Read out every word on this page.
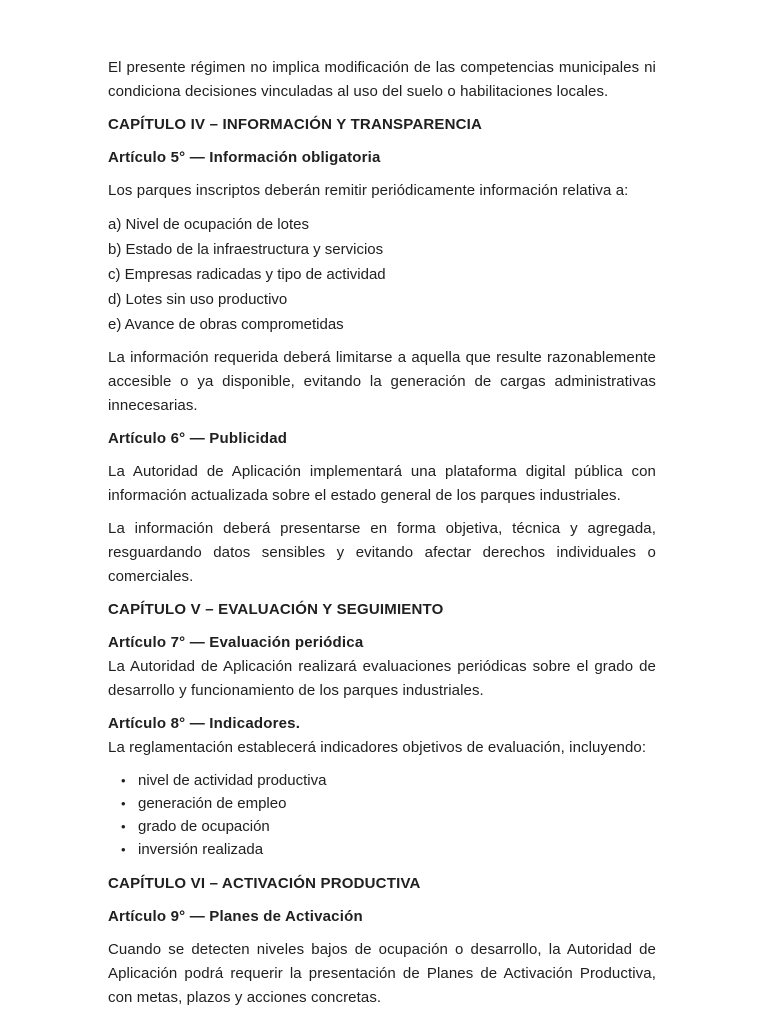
El presente régimen no implica modificación de las competencias municipales ni condiciona decisiones vinculadas al uso del suelo o habilitaciones locales.

CAPÍTULO IV – INFORMACIÓN Y TRANSPARENCIA

Artículo 5° — Información obligatoria

Los parques inscriptos deberán remitir periódicamente información relativa a:

a) Nivel de ocupación de lotes
b) Estado de la infraestructura y servicios
c) Empresas radicadas y tipo de actividad
d) Lotes sin uso productivo
e) Avance de obras comprometidas

La información requerida deberá limitarse a aquella que resulte razonablemente accesible o ya disponible, evitando la generación de cargas administrativas innecesarias.

Artículo 6° — Publicidad

La Autoridad de Aplicación implementará una plataforma digital pública con información actualizada sobre el estado general de los parques industriales.

La información deberá presentarse en forma objetiva, técnica y agregada, resguardando datos sensibles y evitando afectar derechos individuales o comerciales.

CAPÍTULO V – EVALUACIÓN Y SEGUIMIENTO

Artículo 7° — Evaluación periódica

La Autoridad de Aplicación realizará evaluaciones periódicas sobre el grado de desarrollo y funcionamiento de los parques industriales.

Artículo 8° — Indicadores.

La reglamentación establecerá indicadores objetivos de evaluación, incluyendo:

• nivel de actividad productiva
• generación de empleo
• grado de ocupación
• inversión realizada

CAPÍTULO VI – ACTIVACIÓN PRODUCTIVA

Artículo 9° — Planes de Activación

Cuando se detecten niveles bajos de ocupación o desarrollo, la Autoridad de Aplicación podrá requerir la presentación de Planes de Activación Productiva, con metas, plazos y acciones concretas.
